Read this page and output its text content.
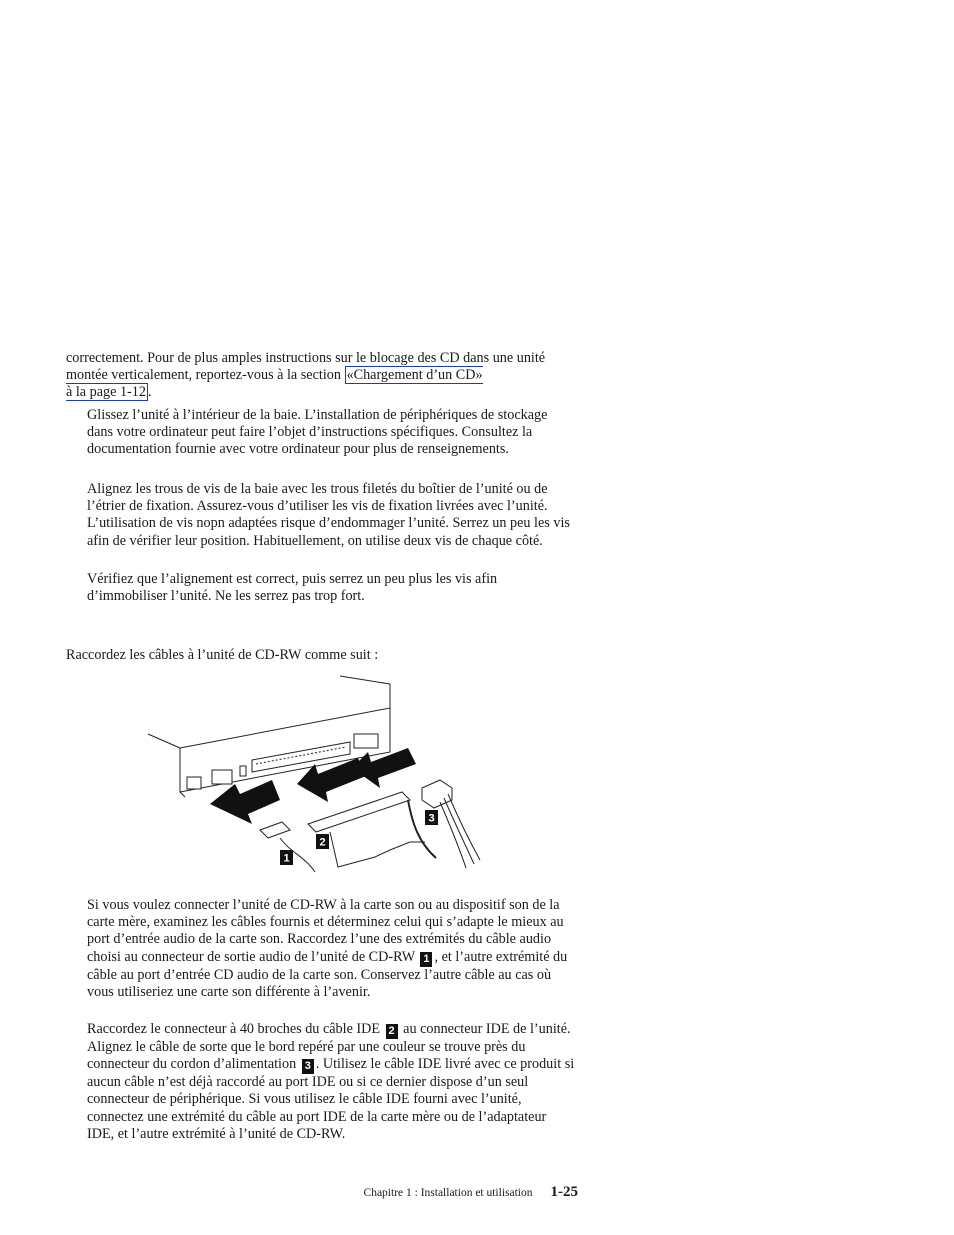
correctement. Pour de plus amples instructions sur le blocage des CD dans une unité montée verticalement, reportez-vous à la section «Chargement d’un CD»
à la page 1-12 .

Glissez l’unité à l’intérieur de la baie. L’installation de périphériques de stockage dans votre ordinateur peut faire l’objet d’instructions spécifiques. Consultez la documentation fournie avec votre ordinateur pour plus de renseignements.

Alignez les trous de vis de la baie avec les trous filetés du boîtier de l’unité ou de l’étrier de fixation. Assurez-vous d’utiliser les vis de fixation livrées avec l’unité. L’utilisation de vis nopn adaptées risque d’endommager l’unité. Serrez un peu les vis afin de vérifier leur position. Habituellement, on utilise deux vis de chaque côté.

Vérifiez que l’alignement est correct, puis serrez un peu plus les vis afin d’immobiliser l’unité. Ne les serrez pas trop fort.

Raccordez les câbles à l’unité de CD-RW comme suit :

1
2
3

Si vous voulez connecter l’unité de CD-RW à la carte son ou au dispositif son de la carte mère, examinez les câbles fournis et déterminez celui qui s’adapte le mieux au port d’entrée audio de la carte son. Raccordez l’une des extrémités du câble audio choisi au connecteur de sortie audio de l’unité de CD-RW 1 , et l’autre extrémité du câble au port d’entrée CD audio de la carte son. Conservez l’autre câble au cas où vous utiliseriez une carte son différente à l’avenir.

Raccordez le connecteur à 40 broches du câble IDE 2 au connecteur IDE de l’unité. Alignez le câble de sorte que le bord repéré par une couleur se trouve près du connecteur du cordon d’alimentation 3 . Utilisez le câble IDE livré avec ce produit si aucun câble n’est déjà raccordé au port IDE ou si ce dernier dispose d’un seul connecteur de périphérique. Si vous utilisez le câble IDE fourni avec l’unité, connectez une extrémité du câble au port IDE de la carte mère ou de l’adaptateur IDE, et l’autre extrémité à l’unité de CD-RW.

Chapitre 1 : Installation et utilisation 1-25
